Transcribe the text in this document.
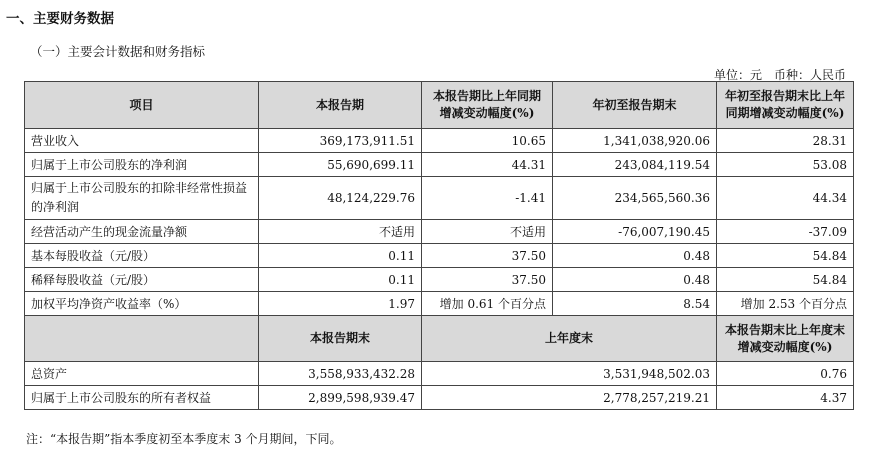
一、主要财务数据
（一）主要会计数据和财务指标
单位：元　币种：人民币
项目	本报告期	本报告期比上年同期增减变动幅度(%)	年初至报告期末	年初至报告期末比上年同期增减变动幅度(%)
营业收入	369,173,911.51	10.65	1,341,038,920.06	28.31
归属于上市公司股东的净利润	55,690,699.11	44.31	243,084,119.54	53.08
归属于上市公司股东的扣除非经常性损益的净利润	48,124,229.76	-1.41	234,565,560.36	44.34
经营活动产生的现金流量净额	不适用	不适用	-76,007,190.45	-37.09
基本每股收益（元/股）	0.11	37.50	0.48	54.84
稀释每股收益（元/股）	0.11	37.50	0.48	54.84
加权平均净资产收益率（%）	1.97	增加 0.61 个百分点	8.54	增加 2.53 个百分点
	本报告期末	上年度末		本报告期末比上年度末增减变动幅度(%)
总资产	3,558,933,432.28	3,531,948,502.03		0.76
归属于上市公司股东的所有者权益	2,899,598,939.47	2,778,257,219.21		4.37
注：“本报告期”指本季度初至本季度末 3 个月期间，下同。
